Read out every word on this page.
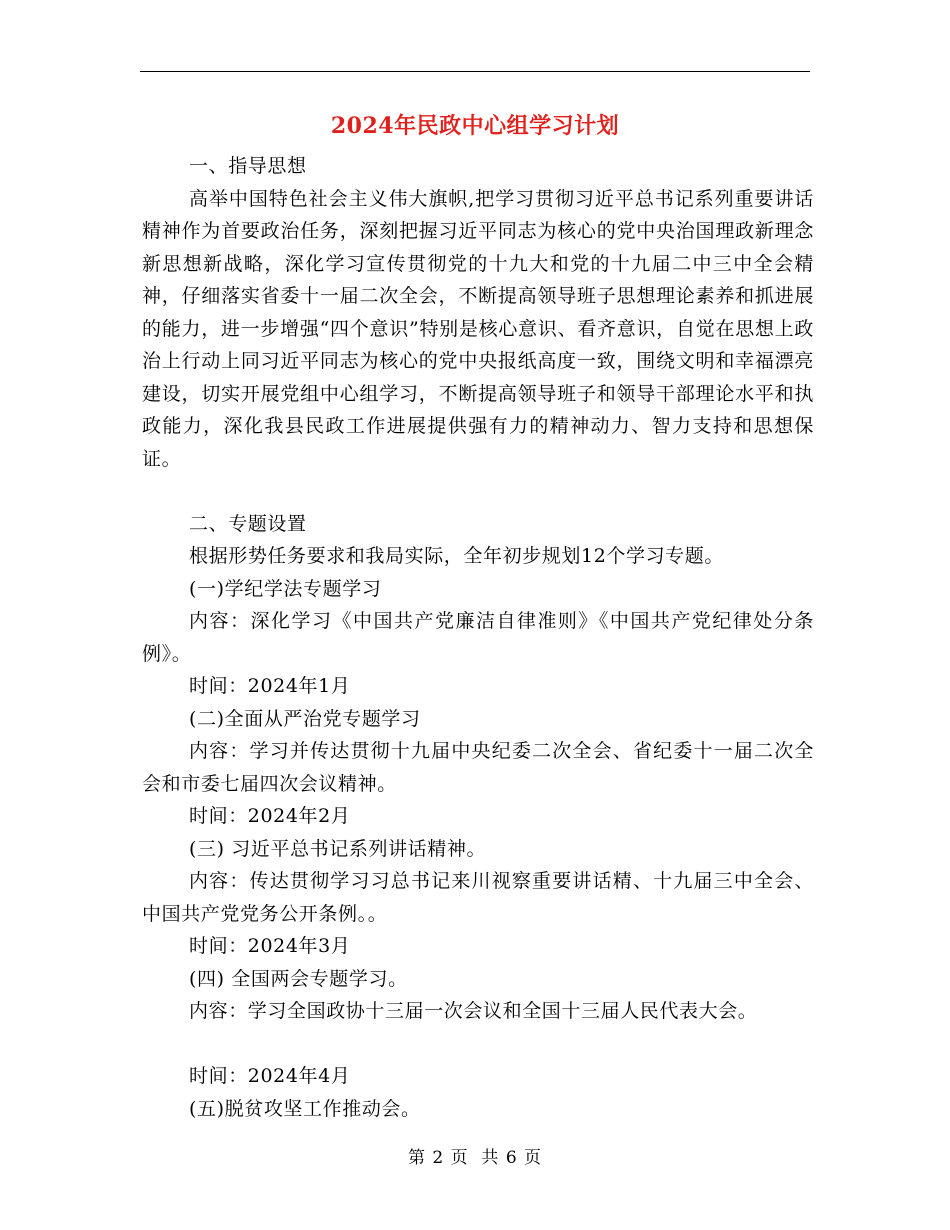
2024年民政中心组学习计划

一、指导思想

高举中国特色社会主义伟大旗帜,把学习贯彻习近平总书记系列重要讲话精神作为首要政治任务，深刻把握习近平同志为核心的党中央治国理政新理念新思想新战略，深化学习宣传贯彻党的十九大和党的十九届二中三中全会精神，仔细落实省委十一届二次全会，不断提高领导班子思想理论素养和抓进展的能力，进一步增强“四个意识”特别是核心意识、看齐意识，自觉在思想上政治上行动上同习近平同志为核心的党中央报纸高度一致，围绕文明和幸福漂亮建设，切实开展党组中心组学习，不断提高领导班子和领导干部理论水平和执政能力，深化我县民政工作进展提供强有力的精神动力、智力支持和思想保证。

二、专题设置

根据形势任务要求和我局实际，全年初步规划12个学习专题。

(一)学纪学法专题学习

内容：深化学习《中国共产党廉洁自律准则》《中国共产党纪律处分条例》。

时间：2024年1月

(二)全面从严治党专题学习

内容：学习并传达贯彻十九届中央纪委二次全会、省纪委十一届二次全会和市委七届四次会议精神。

时间：2024年2月

(三) 习近平总书记系列讲话精神。

内容：传达贯彻学习习总书记来川视察重要讲话精、十九届三中全会、中国共产党党务公开条例。。

时间：2024年3月

(四) 全国两会专题学习。

内容：学习全国政协十三届一次会议和全国十三届人民代表大会。

时间：2024年4月

(五)脱贫攻坚工作推动会。

第 2 页  共 6 页
